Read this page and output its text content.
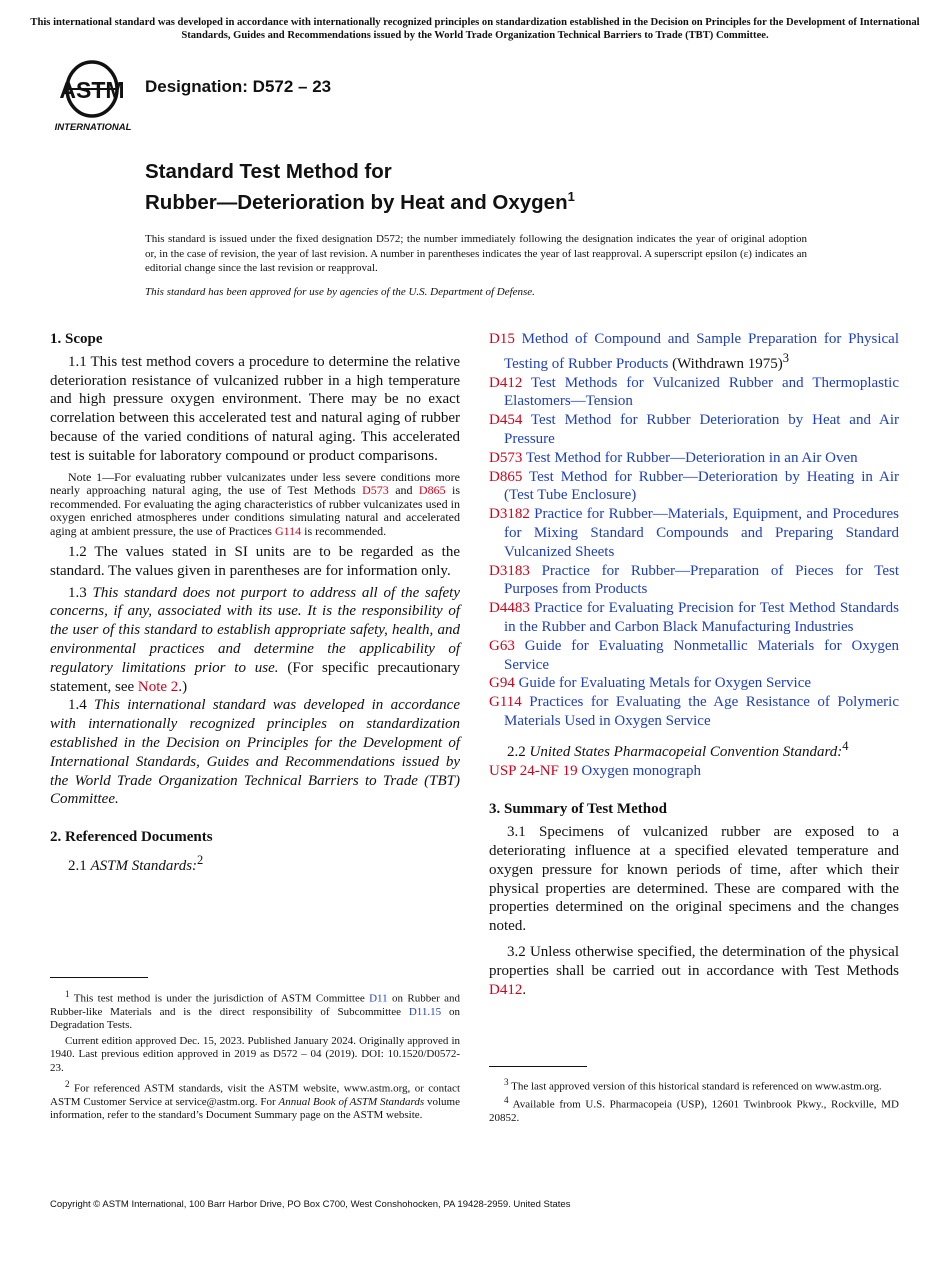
This international standard was developed in accordance with internationally recognized principles on standardization established in the Decision on Principles for the Development of International Standards, Guides and Recommendations issued by the World Trade Organization Technical Barriers to Trade (TBT) Committee.
ASTM
INTERNATIONAL
Designation: D572 – 23
Standard Test Method for
Rubber—Deterioration by Heat and Oxygen$^1$
This standard is issued under the fixed designation D572; the number immediately following the designation indicates the year of original adoption or, in the case of revision, the year of last revision. A number in parentheses indicates the year of last reapproval. A superscript epsilon (ε) indicates an editorial change since the last revision or reapproval.
This standard has been approved for use by agencies of the U.S. Department of Defense.
1. Scope

1.1 This test method covers a procedure to determine the relative deterioration resistance of vulcanized rubber in a high temperature and high pressure oxygen environment. There may be no exact correlation between this accelerated test and natural aging of rubber because of the varied conditions of natural aging. This accelerated test is suitable for laboratory compound or product comparisons.

Note 1—For evaluating rubber vulcanizates under less severe conditions more nearly approaching natural aging, the use of Test Methods D573 and D865 is recommended. For evaluating the aging characteristics of rubber vulcanizates used in oxygen enriched atmospheres under conditions simulating natural and accelerated aging at ambient pressure, the use of Practices G114 is recommended.

1.2 The values stated in SI units are to be regarded as the standard. The values given in parentheses are for information only.

1.3 This standard does not purport to address all of the safety concerns, if any, associated with its use. It is the responsibility of the user of this standard to establish appropriate safety, health, and environmental practices and determine the applicability of regulatory limitations prior to use. (For specific precautionary statement, see Note 2.)

1.4 This international standard was developed in accordance with internationally recognized principles on standardization established in the Decision on Principles for the Development of International Standards, Guides and Recommendations issued by the World Trade Organization Technical Barriers to Trade (TBT) Committee.

2. Referenced Documents

2.1 ASTM Standards:$^2$

$^1$ This test method is under the jurisdiction of ASTM Committee D11 on Rubber and Rubber-like Materials and is the direct responsibility of Subcommittee D11.15 on Degradation Tests.
Current edition approved Dec. 15, 2023. Published January 2024. Originally approved in 1940. Last previous edition approved in 2019 as D572 – 04 (2019). DOI: 10.1520/D0572-23.
$^2$ For referenced ASTM standards, visit the ASTM website, www.astm.org, or contact ASTM Customer Service at service@astm.org. For Annual Book of ASTM Standards volume information, refer to the standard’s Document Summary page on the ASTM website.
D15 Method of Compound and Sample Preparation for Physical Testing of Rubber Products (Withdrawn 1975)$^3$
D412 Test Methods for Vulcanized Rubber and Thermoplastic Elastomers—Tension
D454 Test Method for Rubber Deterioration by Heat and Air Pressure
D573 Test Method for Rubber—Deterioration in an Air Oven
D865 Test Method for Rubber—Deterioration by Heating in Air (Test Tube Enclosure)
D3182 Practice for Rubber—Materials, Equipment, and Procedures for Mixing Standard Compounds and Preparing Standard Vulcanized Sheets
D3183 Practice for Rubber—Preparation of Pieces for Test Purposes from Products
D4483 Practice for Evaluating Precision for Test Method Standards in the Rubber and Carbon Black Manufacturing Industries
G63 Guide for Evaluating Nonmetallic Materials for Oxygen Service
G94 Guide for Evaluating Metals for Oxygen Service
G114 Practices for Evaluating the Age Resistance of Polymeric Materials Used in Oxygen Service

2.2 United States Pharmacopeial Convention Standard:$^4$

USP 24-NF 19 Oxygen monograph
3. Summary of Test Method

3.1 Specimens of vulcanized rubber are exposed to a deteriorating influence at a specified elevated temperature and oxygen pressure for known periods of time, after which their physical properties are determined. These are compared with the properties determined on the original specimens and the changes noted.

3.2 Unless otherwise specified, the determination of the physical properties shall be carried out in accordance with Test Methods D412.

$^3$ The last approved version of this historical standard is referenced on www.astm.org.
$^4$ Available from U.S. Pharmacopeia (USP), 12601 Twinbrook Pkwy., Rockville, MD 20852.
Copyright © ASTM International, 100 Barr Harbor Drive, PO Box C700, West Conshohocken, PA 19428-2959. United States
